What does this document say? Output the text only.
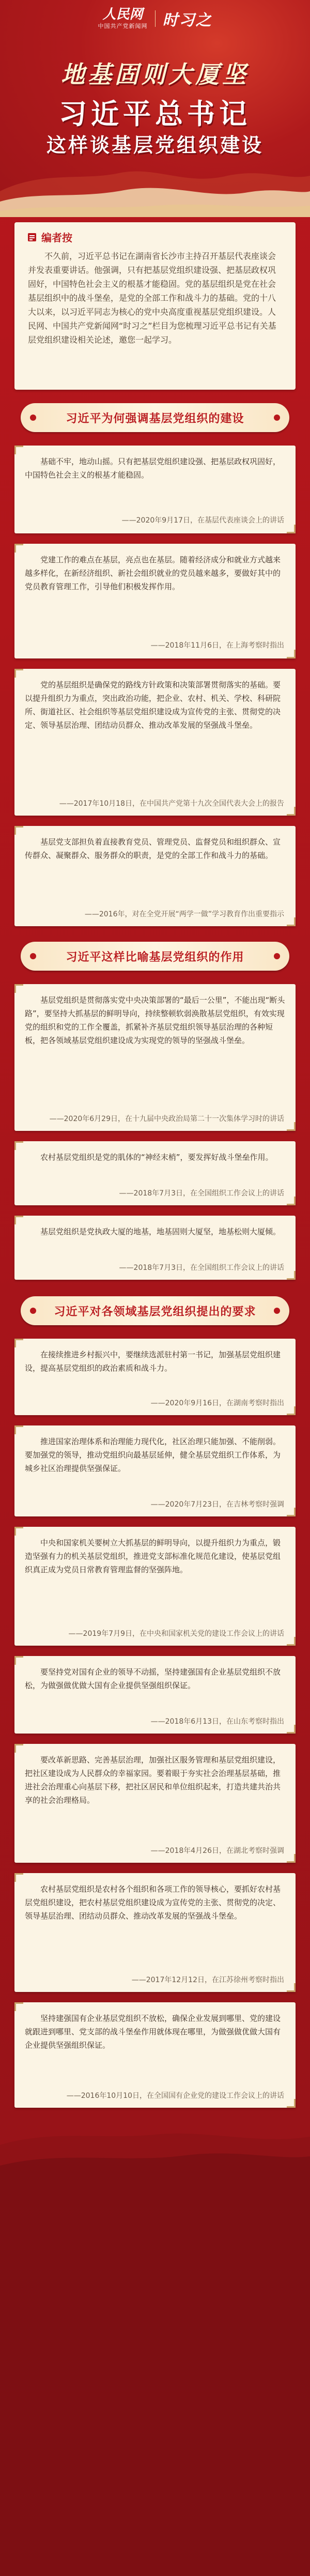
人民网
中国共产党新闻网 时习之
地基固则大厦坚
习近平总书记
这样谈基层党组织建设
编者按
不久前，习近平总书记在湖南省长沙市主持召开基层代表座谈会并发表重要讲话。他强调，只有把基层党组织建设强、把基层政权巩固好，中国特色社会主义的根基才能稳固。党的基层组织是党在社会基层组织中的战斗堡垒，是党的全部工作和战斗力的基础。党的十八大以来，以习近平同志为核心的党中央高度重视基层党组织建设。人民网、中国共产党新闻网“时习之”栏目为您梳理习近平总书记有关基层党组织建设相关论述，邀您一起学习。
习近平为何强调基层党组织的建设
基础不牢，地动山摇。只有把基层党组织建设强、把基层政权巩固好，中国特色社会主义的根基才能稳固。
——2020年9月17日，在基层代表座谈会上的讲话
党建工作的难点在基层，亮点也在基层。随着经济成分和就业方式越来越多样化，在新经济组织、新社会组织就业的党员越来越多，要做好其中的党员教育管理工作，引导他们积极发挥作用。
——2018年11月6日，在上海考察时指出
党的基层组织是确保党的路线方针政策和决策部署贯彻落实的基础。要以提升组织力为重点，突出政治功能，把企业、农村、机关、学校、科研院所、街道社区、社会组织等基层党组织建设成为宣传党的主张、贯彻党的决定、领导基层治理、团结动员群众、推动改革发展的坚强战斗堡垒。
——2017年10月18日，在中国共产党第十九次全国代表大会上的报告
基层党支部担负着直接教育党员、管理党员、监督党员和组织群众、宣传群众、凝聚群众、服务群众的职责，是党的全部工作和战斗力的基础。
——2016年，对在全党开展“两学一做”学习教育作出重要指示
习近平这样比喻基层党组织的作用
基层党组织是贯彻落实党中央决策部署的“最后一公里”，不能出现“断头路”，要坚持大抓基层的鲜明导向，持续整顿软弱涣散基层党组织，有效实现党的组织和党的工作全覆盖，抓紧补齐基层党组织领导基层治理的各种短板，把各领域基层党组织建设成为实现党的领导的坚强战斗堡垒。
——2020年6月29日，在十九届中央政治局第二十一次集体学习时的讲话
农村基层党组织是党的肌体的“神经末梢”，要发挥好战斗堡垒作用。
——2018年7月3日，在全国组织工作会议上的讲话
基层党组织是党执政大厦的地基，地基固则大厦坚，地基松则大厦倾。
——2018年7月3日，在全国组织工作会议上的讲话
习近平对各领域基层党组织提出的要求
在接续推进乡村振兴中，要继续选派驻村第一书记，加强基层党组织建设，提高基层党组织的政治素质和战斗力。
——2020年9月16日，在湖南考察时指出
推进国家治理体系和治理能力现代化，社区治理只能加强、不能削弱。要加强党的领导，推动党组织向最基层延伸，健全基层党组织工作体系，为城乡社区治理提供坚强保证。
——2020年7月23日，在吉林考察时强调
中央和国家机关要树立大抓基层的鲜明导向，以提升组织力为重点，锻造坚强有力的机关基层党组织，推进党支部标准化规范化建设，使基层党组织真正成为党员日常教育管理监督的坚强阵地。
——2019年7月9日，在中央和国家机关党的建设工作会议上的讲话
要坚持党对国有企业的领导不动摇，坚持建强国有企业基层党组织不放松，为做强做优做大国有企业提供坚强组织保证。
——2018年6月13日，在山东考察时指出
要改革新思路、完善基层治理，加强社区服务管理和基层党组织建设，把社区建设成为人民群众的幸福家园。要着眼于夯实社会治理基层基础，推进社会治理重心向基层下移，把社区居民和单位组织起来，打造共建共治共享的社会治理格局。
——2018年4月26日，在湖北考察时强调
农村基层党组织是农村各个组织和各项工作的领导核心，要抓好农村基层党组织建设，把农村基层党组织建设成为宣传党的主张、贯彻党的决定、领导基层治理、团结动员群众、推动改革发展的坚强战斗堡垒。
——2017年12月12日，在江苏徐州考察时指出
坚持建强国有企业基层党组织不放松，确保企业发展到哪里、党的建设就跟进到哪里、党支部的战斗堡垒作用就体现在哪里，为做强做优做大国有企业提供坚强组织保证。
——2016年10月10日，在全国国有企业党的建设工作会议上的讲话
